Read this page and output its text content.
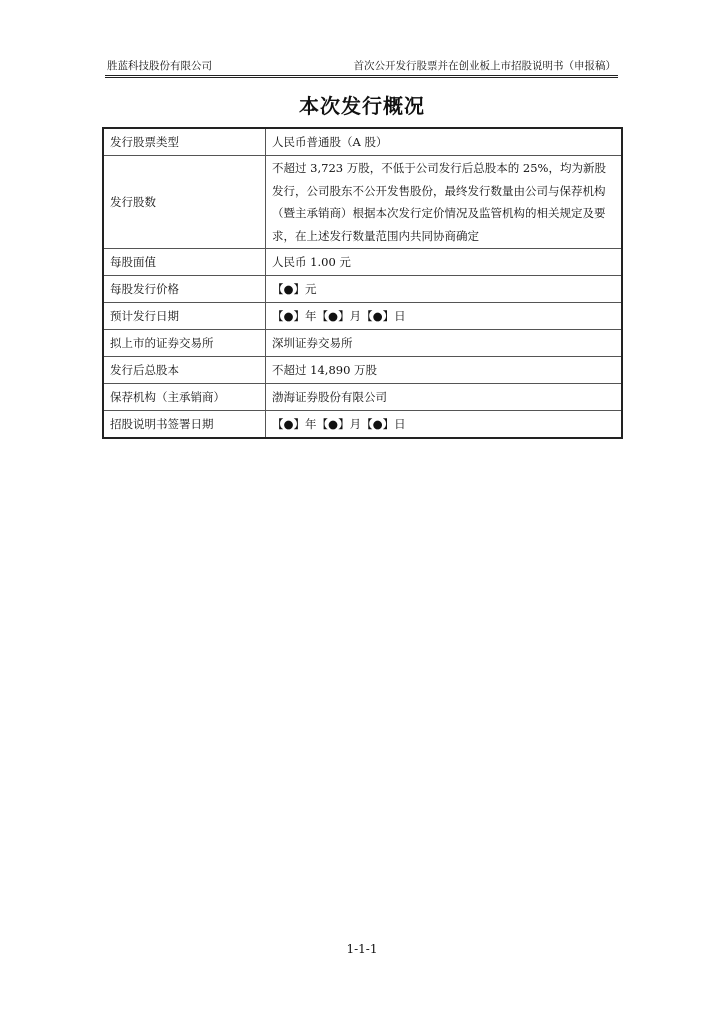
胜蓝科技股份有限公司	首次公开发行股票并在创业板上市招股说明书（申报稿）
本次发行概况
发行股票类型	人民币普通股（A 股）
发行股数	不超过 3,723 万股，不低于公司发行后总股本的 25%，均为新股发行，公司股东不公开发售股份，最终发行数量由公司与保荐机构（暨主承销商）根据本次发行定价情况及监管机构的相关规定及要求，在上述发行数量范围内共同协商确定
每股面值	人民币 1.00 元
每股发行价格	【●】元
预计发行日期	【●】年【●】月【●】日
拟上市的证券交易所	深圳证券交易所
发行后总股本	不超过 14,890 万股
保荐机构（主承销商）	渤海证券股份有限公司
招股说明书签署日期	【●】年【●】月【●】日
1-1-1
